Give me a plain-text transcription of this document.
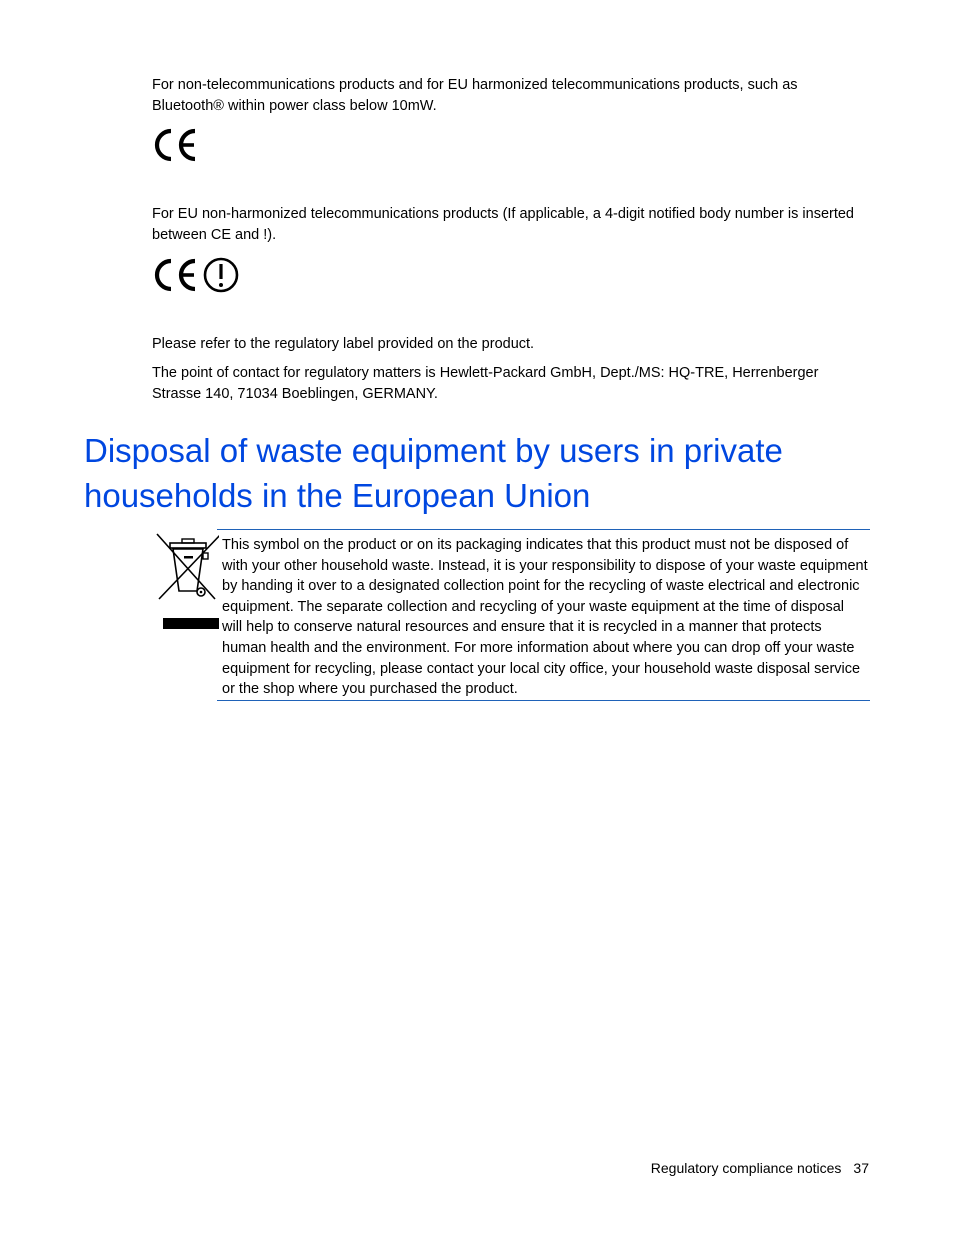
For non-telecommunications products and for EU harmonized telecommunications products, such as Bluetooth® within power class below 10mW.

For EU non-harmonized telecommunications products (If applicable, a 4-digit notified body number is inserted between CE and !).

Please refer to the regulatory label provided on the product.

The point of contact for regulatory matters is Hewlett-Packard GmbH, Dept./MS: HQ-TRE, Herrenberger Strasse 140, 71034 Boeblingen, GERMANY.

Disposal of waste equipment by users in private households in the European Union

This symbol on the product or on its packaging indicates that this product must not be disposed of with your other household waste. Instead, it is your responsibility to dispose of your waste equipment by handing it over to a designated collection point for the recycling of waste electrical and electronic equipment. The separate collection and recycling of your waste equipment at the time of disposal will help to conserve natural resources and ensure that it is recycled in a manner that protects human health and the environment. For more information about where you can drop off your waste equipment for recycling, please contact your local city office, your household waste disposal service or the shop where you purchased the product.

Regulatory compliance notices 37
